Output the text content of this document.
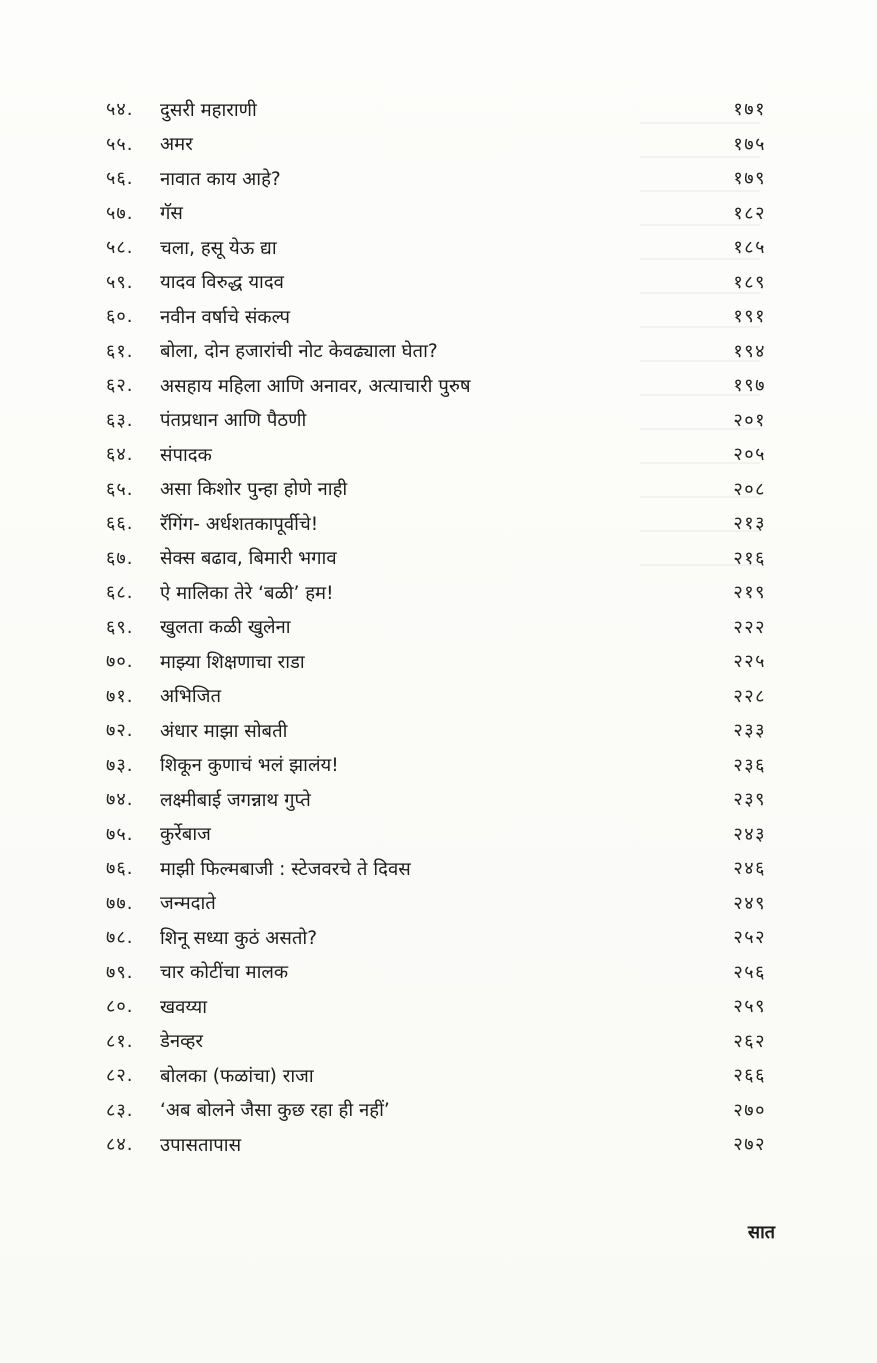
५४.	दुसरी महाराणी	१७१
५५.	अमर	१७५
५६.	नावात काय आहे?	१७९
५७.	गॅस	१८२
५८.	चला, हसू येऊ द्या	१८५
५९.	यादव विरुद्ध यादव	१८९
६०.	नवीन वर्षाचे संकल्प	१९१
६१.	बोला, दोन हजारांची नोट केवढ्याला घेता?	१९४
६२.	असहाय महिला आणि अनावर, अत्याचारी पुरुष	१९७
६३.	पंतप्रधान आणि पैठणी	२०१
६४.	संपादक	२०५
६५.	असा किशोर पुन्हा होणे नाही	२०८
६६.	रॅगिंग- अर्धशतकापूर्वीचे!	२१३
६७.	सेक्स बढाव, बिमारी भगाव	२१६
६८.	ऐ मालिका तेरे ‘बळी’ हम!	२१९
६९.	खुलता कळी खुलेना	२२२
७०.	माझ्या शिक्षणाचा राडा	२२५
७१.	अभिजित	२२८
७२.	अंधार माझा सोबती	२३३
७३.	शिकून कुणाचं भलं झालंय!	२३६
७४.	लक्ष्मीबाई जगन्नाथ गुप्ते	२३९
७५.	कुर्रेबाज	२४३
७६.	माझी फिल्मबाजी : स्टेजवरचे ते दिवस	२४६
७७.	जन्मदाते	२४९
७८.	शिनू सध्या कुठं असतो?	२५२
७९.	चार कोटींचा मालक	२५६
८०.	खवय्या	२५९
८१.	डेनव्हर	२६२
८२.	बोलका (फळांचा) राजा	२६६
८३.	‘अब बोलने जैसा कुछ रहा ही नहीं’	२७०
८४.	उपासतापास	२७२
सात
